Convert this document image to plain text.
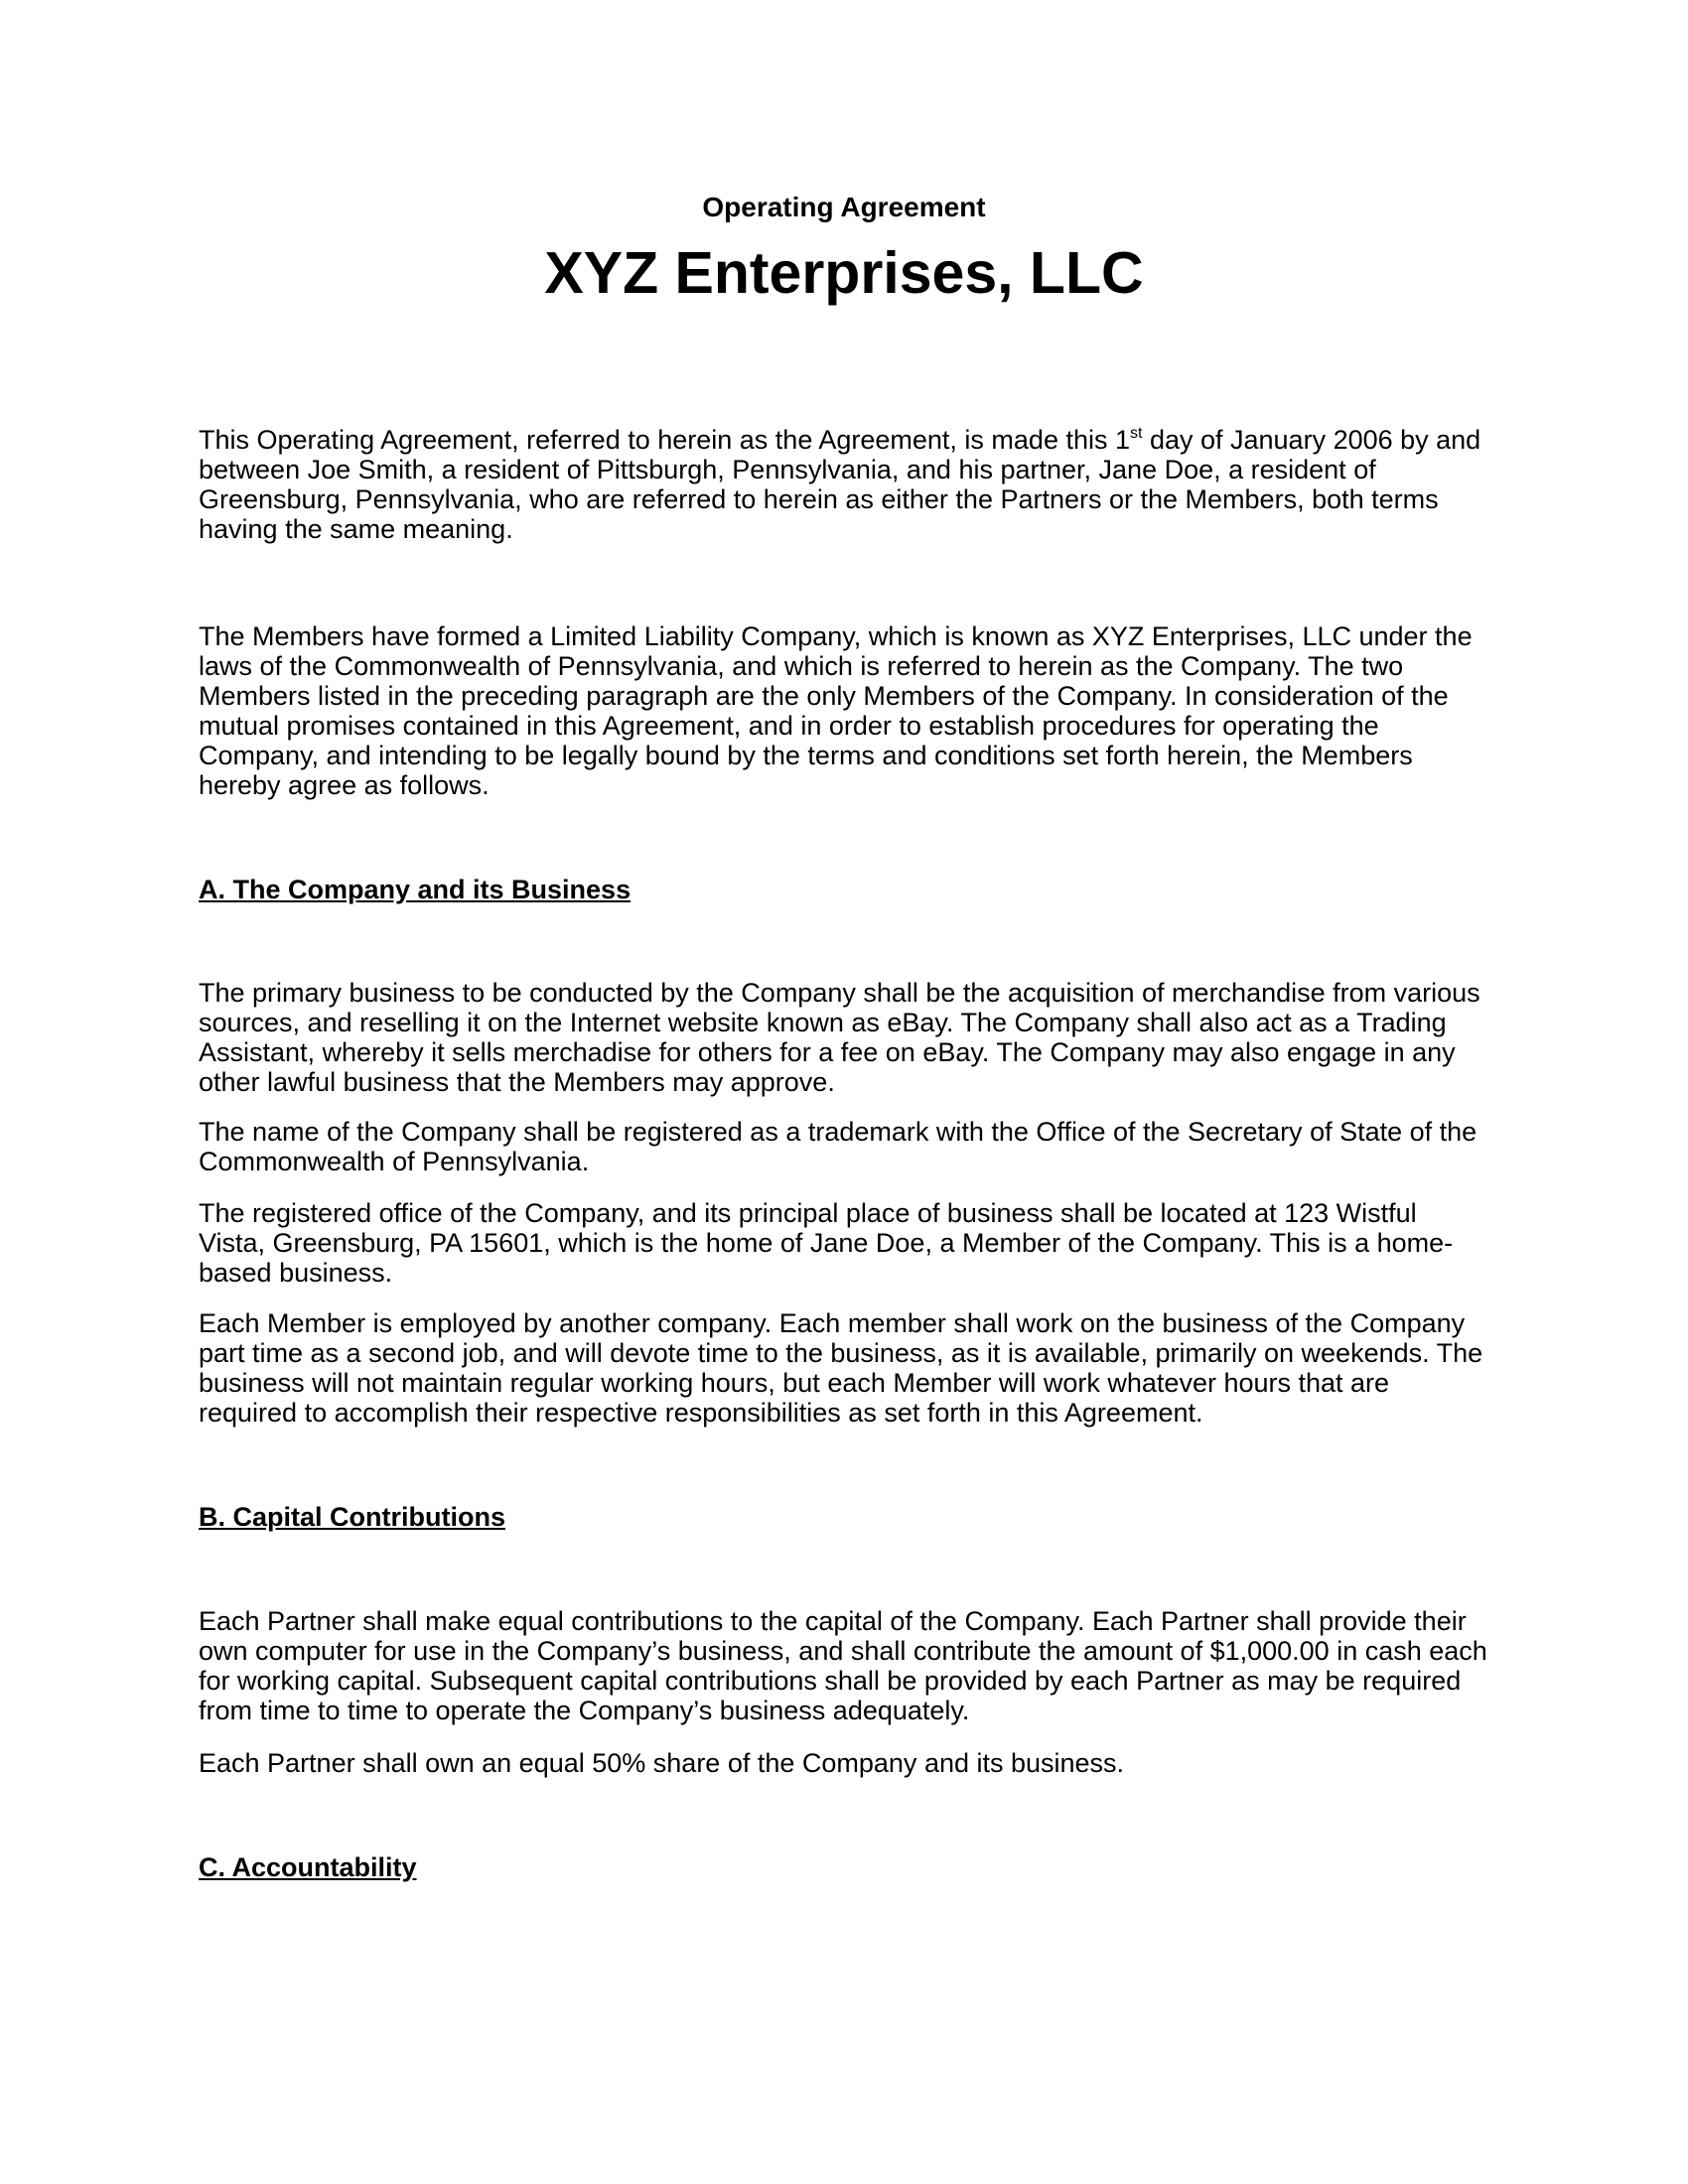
Operating Agreement
XYZ Enterprises, LLC

This Operating Agreement, referred to herein as the Agreement, is made this 1st day of January 2006 by and between Joe Smith, a resident of Pittsburgh, Pennsylvania, and his partner, Jane Doe, a resident of Greensburg, Pennsylvania, who are referred to herein as either the Partners or the Members, both terms having the same meaning.

The Members have formed a Limited Liability Company, which is known as XYZ Enterprises, LLC under the laws of the Commonwealth of Pennsylvania, and which is referred to herein as the Company. The two Members listed in the preceding paragraph are the only Members of the Company. In consideration of the mutual promises contained in this Agreement, and in order to establish procedures for operating the Company, and intending to be legally bound by the terms and conditions set forth herein, the Members hereby agree as follows.

A. The Company and its Business

The primary business to be conducted by the Company shall be the acquisition of merchandise from various sources, and reselling it on the Internet website known as eBay. The Company shall also act as a Trading Assistant, whereby it sells merchadise for others for a fee on eBay. The Company may also engage in any other lawful business that the Members may approve.

The name of the Company shall be registered as a trademark with the Office of the Secretary of State of the Commonwealth of Pennsylvania.

The registered office of the Company, and its principal place of business shall be located at 123 Wistful Vista, Greensburg, PA 15601, which is the home of Jane Doe, a Member of the Company. This is a home-based business.

Each Member is employed by another company. Each member shall work on the business of the Company part time as a second job, and will devote time to the business, as it is available, primarily on weekends. The business will not maintain regular working hours, but each Member will work whatever hours that are required to accomplish their respective responsibilities as set forth in this Agreement.

B. Capital Contributions

Each Partner shall make equal contributions to the capital of the Company. Each Partner shall provide their own computer for use in the Company’s business, and shall contribute the amount of $1,000.00 in cash each for working capital. Subsequent capital contributions shall be provided by each Partner as may be required from time to time to operate the Company’s business adequately.

Each Partner shall own an equal 50% share of the Company and its business.

C. Accountability
